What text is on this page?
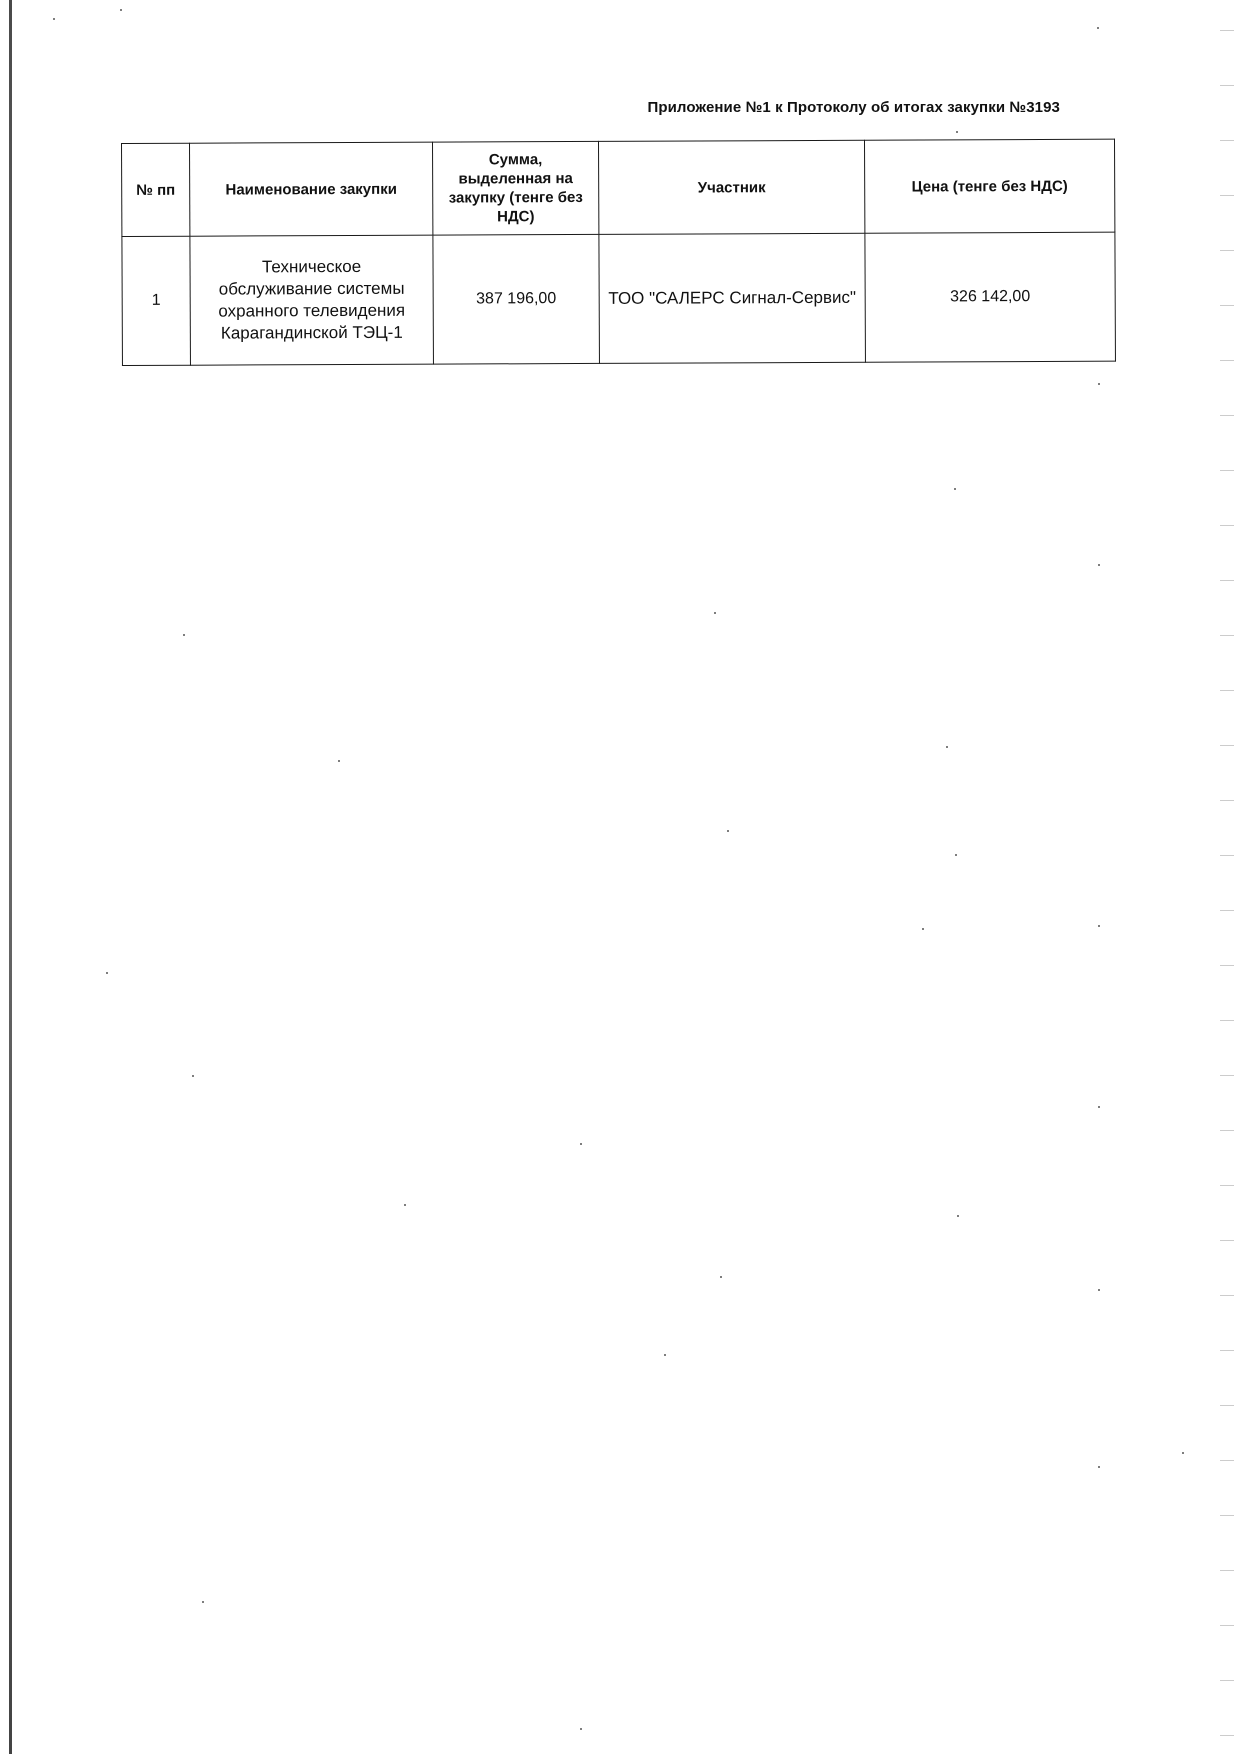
Приложение №1 к Протоколу об итогах закупки №3193
№ пп	Наименование закупки	Сумма,
выделенная на
закупку (тенге без
НДС)	Участник	Цена (тенге без НДС)
1	Техническое
обслуживание системы
охранного телевидения
Карагандинской ТЭЦ-1	387 196,00	ТОО "САЛЕРС Сигнал-Сервис"	326 142,00
